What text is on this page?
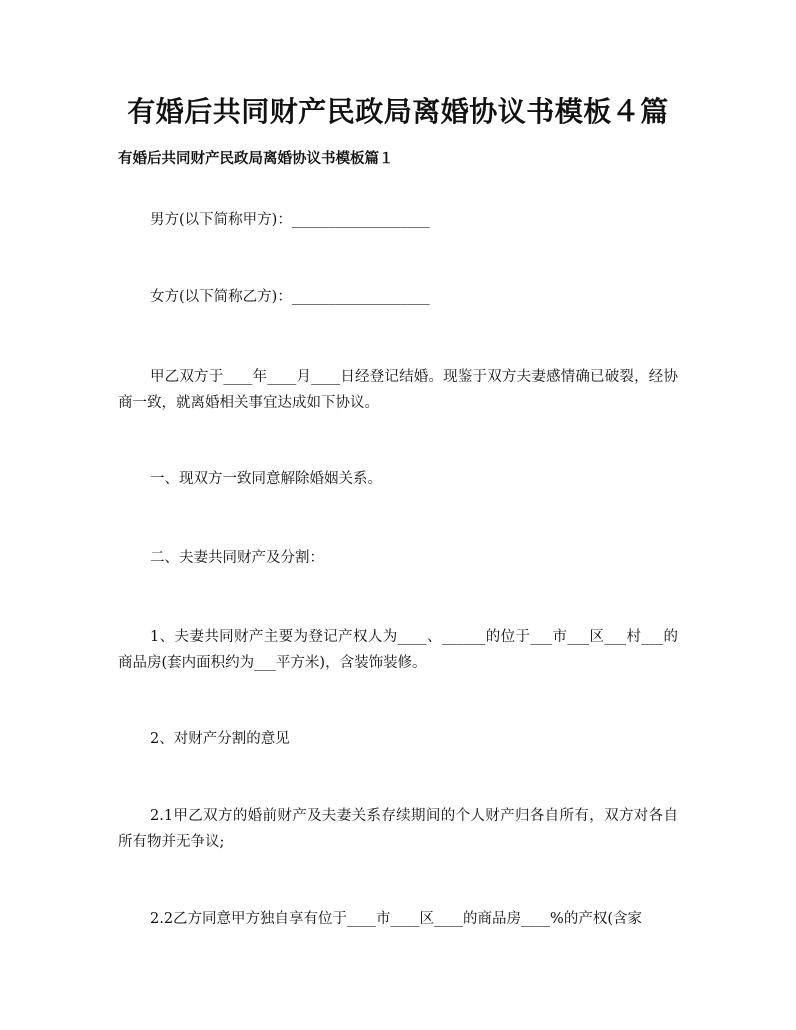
有婚后共同财产民政局离婚协议书模板４篇
有婚后共同财产民政局离婚协议书模板篇１

男方(以下简称甲方)：___________________

女方(以下简称乙方)：___________________

甲乙双方于____年____月____日经登记结婚。现鉴于双方夫妻感情确已破裂，经协商一致，就离婚相关事宜达成如下协议。

一、现双方一致同意解除婚姻关系。

二、夫妻共同财产及分割：

1、夫妻共同财产主要为登记产权人为____、______的位于___市___区___村___的商品房(套内面积约为___平方米)，含装饰装修。

2、对财产分割的意见

2.1甲乙双方的婚前财产及夫妻关系存续期间的个人财产归各自所有，双方对各自所有物并无争议;

2.2乙方同意甲方独自享有位于____市____区____的商品房____%的产权(含家
